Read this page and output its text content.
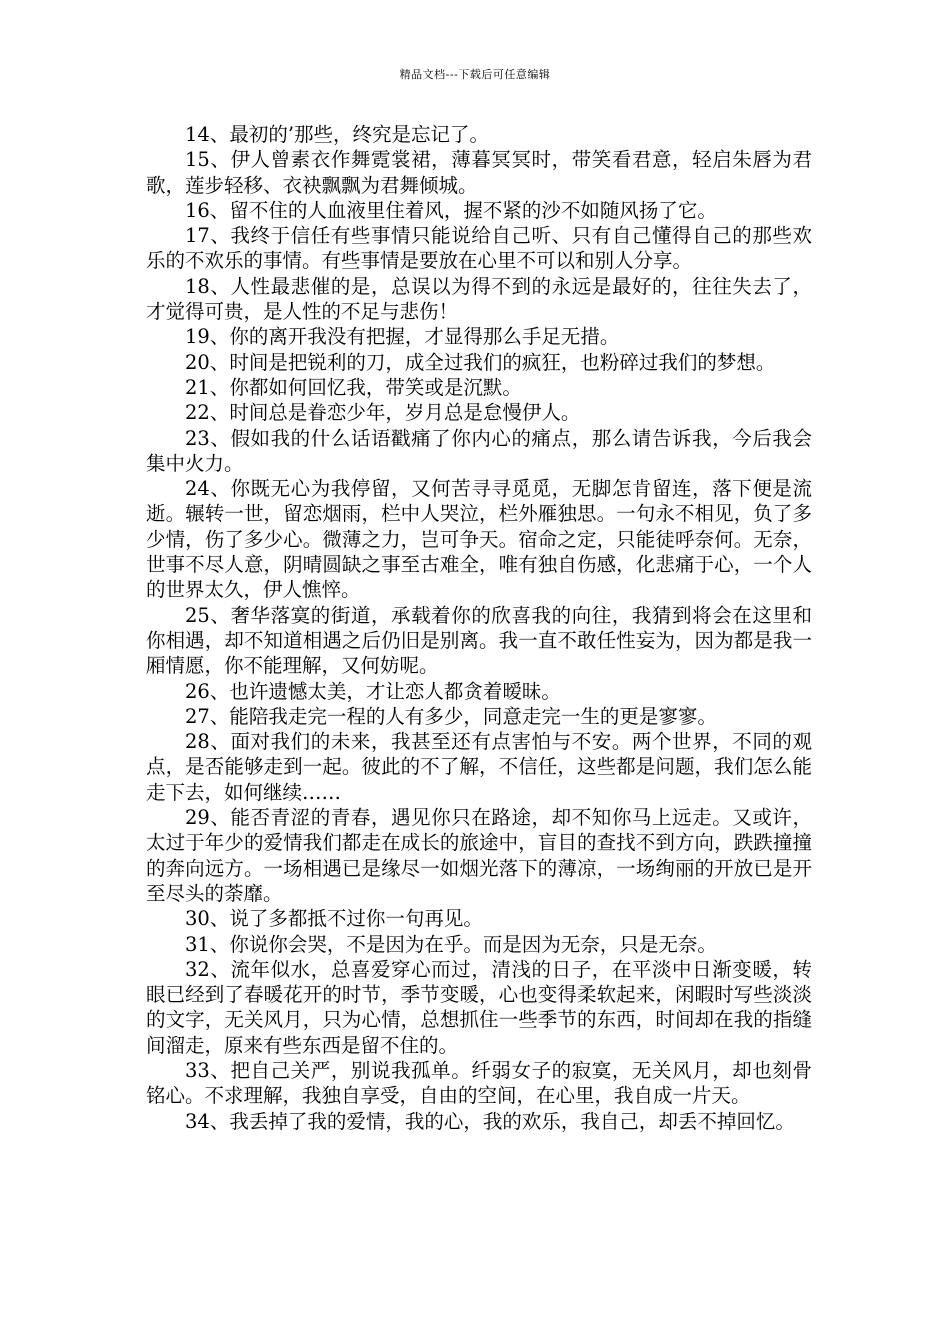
精品文档---下载后可任意编辑

14、最初的’那些，终究是忘记了。

15、伊人曾素衣作舞霓裳裙，薄暮冥冥时，带笑看君意，轻启朱唇为君歌，莲步轻移、衣袂飘飘为君舞倾城。

16、留不住的人血液里住着风，握不紧的沙不如随风扬了它。

17、我终于信任有些事情只能说给自己听、只有自己懂得自己的那些欢乐的不欢乐的事情。有些事情是要放在心里不可以和别人分享。

18、人性最悲催的是，总误以为得不到的永远是最好的，往往失去了，才觉得可贵，是人性的不足与悲伤！

19、你的离开我没有把握，才显得那么手足无措。

20、时间是把锐利的刀，成全过我们的疯狂，也粉碎过我们的梦想。

21、你都如何回忆我，带笑或是沉默。

22、时间总是眷恋少年，岁月总是怠慢伊人。

23、假如我的什么话语戳痛了你内心的痛点，那么请告诉我，今后我会集中火力。

24、你既无心为我停留，又何苦寻寻觅觅，无脚怎肯留连，落下便是流逝。辗转一世，留恋烟雨，栏中人哭泣，栏外雁独思。一句永不相见，负了多少情，伤了多少心。微薄之力，岂可争天。宿命之定，只能徒呼奈何。无奈，世事不尽人意，阴晴圆缺之事至古难全，唯有独自伤感，化悲痛于心，一个人的世界太久，伊人憔悴。

25、奢华落寞的街道，承载着你的欣喜我的向往，我猜到将会在这里和你相遇，却不知道相遇之后仍旧是别离。我一直不敢任性妄为，因为都是我一厢情愿，你不能理解，又何妨呢。

26、也许遗憾太美，才让恋人都贪着暧昧。

27、能陪我走完一程的人有多少，同意走完一生的更是寥寥。

28、面对我们的未来，我甚至还有点害怕与不安。两个世界，不同的观点，是否能够走到一起。彼此的不了解，不信任，这些都是问题，我们怎么能走下去，如何继续……

29、能否青涩的青春，遇见你只在路途，却不知你马上远走。又或许，太过于年少的爱情我们都走在成长的旅途中，盲目的查找不到方向，跌跌撞撞的奔向远方。一场相遇已是缘尽一如烟光落下的薄凉，一场绚丽的开放已是开至尽头的荼靡。

30、说了多都抵不过你一句再见。

31、你说你会哭，不是因为在乎。而是因为无奈，只是无奈。

32、流年似水，总喜爱穿心而过，清浅的日子，在平淡中日渐变暖，转眼已经到了春暖花开的时节，季节变暖，心也变得柔软起来，闲暇时写些淡淡的文字，无关风月，只为心情，总想抓住一些季节的东西，时间却在我的指缝间溜走，原来有些东西是留不住的。

33、把自己关严，别说我孤单。纤弱女子的寂寞，无关风月，却也刻骨铭心。不求理解，我独自享受，自由的空间，在心里，我自成一片天。

34、我丢掉了我的爱情，我的心，我的欢乐，我自己，却丢不掉回忆。
